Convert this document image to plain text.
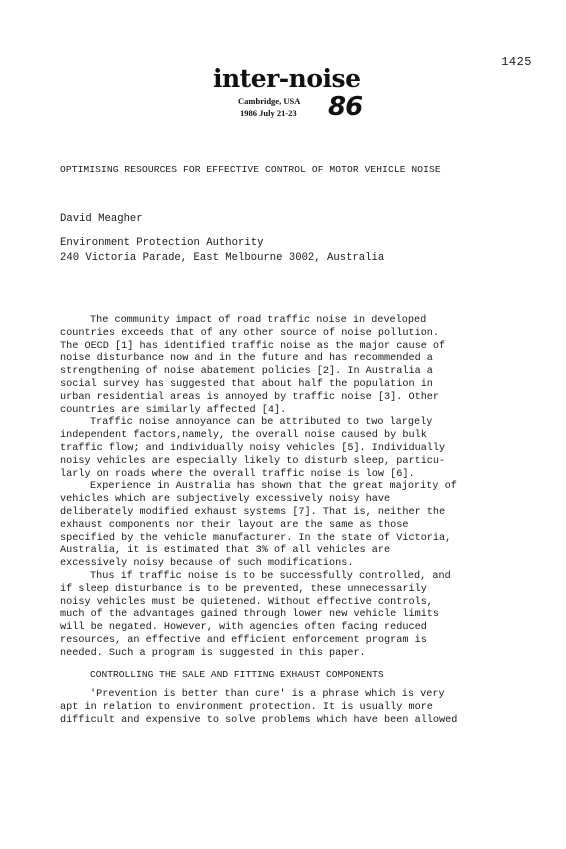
1425
inter-noise
Cambridge, USA
1986 July 21-23 86
OPTIMISING RESOURCES FOR EFFECTIVE CONTROL OF MOTOR VEHICLE NOISE
David Meagher
Environment Protection Authority
240 Victoria Parade, East Melbourne 3002, Australia

The community impact of road traffic noise in developed
countries exceeds that of any other source of noise pollution.
The OECD [1] has identified traffic noise as the major cause of
noise disturbance now and in the future and has recommended a
strengthening of noise abatement policies [2]. In Australia a
social survey has suggested that about half the population in
urban residential areas is annoyed by traffic noise [3]. Other
countries are similarly affected [4].

Traffic noise annoyance can be attributed to two largely
independent factors,namely, the overall noise caused by bulk
traffic flow; and individually noisy vehicles [5]. Individually
noisy vehicles are especially likely to disturb sleep, particu-
larly on roads where the overall traffic noise is low [6].

Experience in Australia has shown that the great majority of
vehicles which are subjectively excessively noisy have
deliberately modified exhaust systems [7]. That is, neither the
exhaust components nor their layout are the same as those
specified by the vehicle manufacturer. In the state of Victoria,
Australia, it is estimated that 3% of all vehicles are
excessively noisy because of such modifications.

Thus if traffic noise is to be successfully controlled, and
if sleep disturbance is to be prevented, these unnecessarily
noisy vehicles must be quietened. Without effective controls,
much of the advantages gained through lower new vehicle limits
will be negated. However, with agencies often facing reduced
resources, an effective and efficient enforcement program is
needed. Such a program is suggested in this paper.

CONTROLLING THE SALE AND FITTING EXHAUST COMPONENTS

'Prevention is better than cure' is a phrase which is very
apt in relation to environment protection. It is usually more
difficult and expensive to solve problems which have been allowed
